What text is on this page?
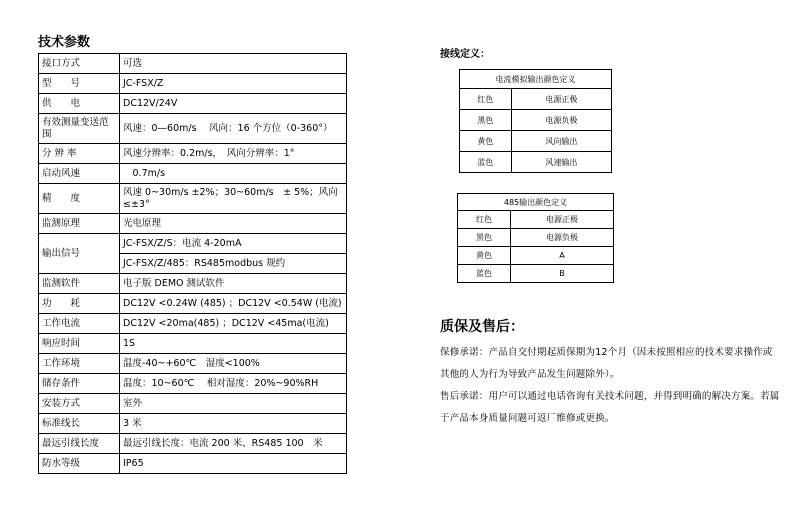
技术参数
接口方式	可选
型　　号	JC-FSX/Z
供　　电	DC12V/24V
有效测量变送范围	风速：0—60m/s　 风向：16 个方位（0-360°）
分 辨 率	风速分辨率：0.2m/s，　风向分辨率：1°
启动风速	　0.7m/s
精　　度	风速 0~30m/s ±2%；30~60m/s　± 5%；风向 ≤±3°
监测原理	光电原理
输出信号	JC-FSX/Z/S：电流 4-20mA
	JC-FSX/Z/485：RS485modbus 规约
监测软件	电子版 DEMO 测试软件
功　　耗	DC12V <0.24W (485) ；DC12V <0.54W (电流)
工作电流	DC12V <20ma(485) ；DC12V <45ma(电流)
响应时间	1S
工作环境	温度-40~+60℃　湿度<100%
储存条件	温度：10~60℃　 相对湿度：20%~90%RH
安装方式	室外
标准线长	3 米
最远引线长度	最远引线长度：电流 200 米、RS485 100　米
防水等级	IP65
接线定义：
电流模拟输出颜色定义	
红色	电源正极
黑色	电源负极
黄色	风向输出
蓝色	风速输出
485输出颜色定义	
红色	电源正极
黑色	电源负极
黄色	A
蓝色	B
质保及售后：
保修承诺：产品自交付期起质保期为12个月（因未按照相应的技术要求操作或其他的人为行为导致产品发生问题除外）。
售后承诺：用户可以通过电话咨询有关技术问题，并得到明确的解决方案。若属于产品本身质量问题可返厂维修或更换。
